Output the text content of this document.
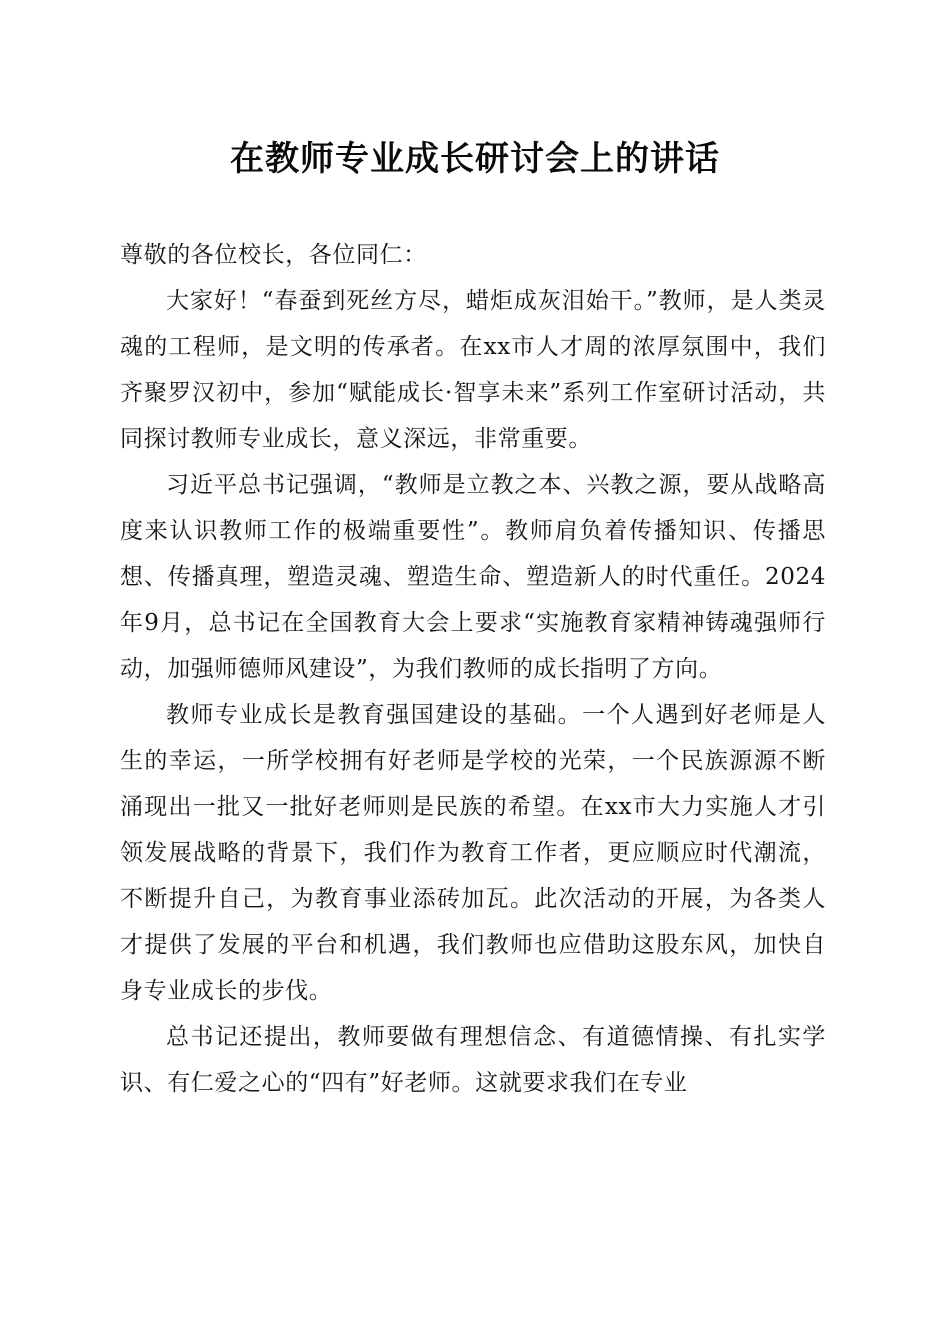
在教师专业成长研讨会上的讲话

尊敬的各位校长，各位同仁：

大家好！“春蚕到死丝方尽，蜡炬成灰泪始干。”教师，是人类灵魂的工程师，是文明的传承者。在xx市人才周的浓厚氛围中，我们齐聚罗汉初中，参加“赋能成长·智享未来”系列工作室研讨活动，共同探讨教师专业成长，意义深远，非常重要。

习近平总书记强调，“教师是立教之本、兴教之源，要从战略高度来认识教师工作的极端重要性”。教师肩负着传播知识、传播思想、传播真理，塑造灵魂、塑造生命、塑造新人的时代重任。2024年9月，总书记在全国教育大会上要求“实施教育家精神铸魂强师行动，加强师德师风建设”，为我们教师的成长指明了方向。

教师专业成长是教育强国建设的基础。一个人遇到好老师是人生的幸运，一所学校拥有好老师是学校的光荣，一个民族源源不断涌现出一批又一批好老师则是民族的希望。在xx市大力实施人才引领发展战略的背景下，我们作为教育工作者，更应顺应时代潮流，不断提升自己，为教育事业添砖加瓦。此次活动的开展，为各类人才提供了发展的平台和机遇，我们教师也应借助这股东风，加快自身专业成长的步伐。

总书记还提出，教师要做有理想信念、有道德情操、有扎实学识、有仁爱之心的“四有”好老师。这就要求我们在专业
